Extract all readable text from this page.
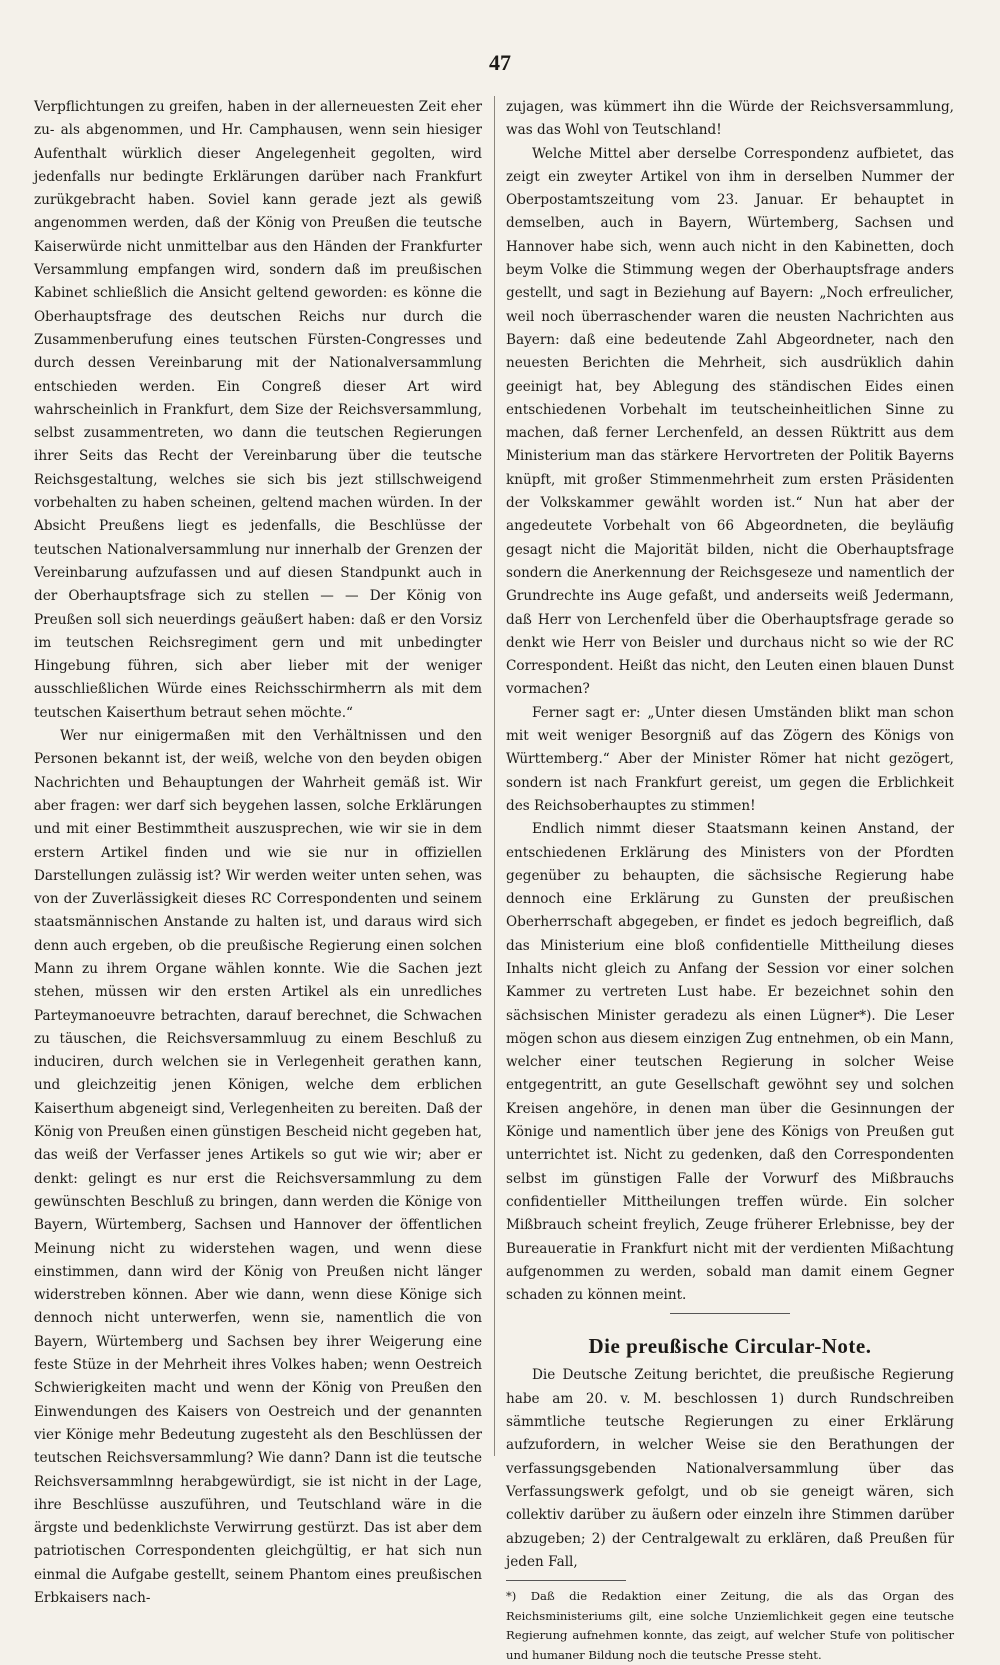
47

Verpflichtungen zu greifen, haben in der allerneuesten Zeit eher zu- als abgenommen, und Hr. Camphausen, wenn sein hiesiger Aufenthalt würklich dieser Angelegenheit gegolten, wird jedenfalls nur bedingte Erklärungen darüber nach Frankfurt zurükgebracht haben. Soviel kann gerade jezt als gewiß angenommen werden, daß der König von Preußen die teutsche Kaiserwürde nicht unmittelbar aus den Händen der Frankfurter Versammlung empfangen wird, sondern daß im preußischen Kabinet schließlich die Ansicht geltend geworden: es könne die Oberhauptsfrage des deutschen Reichs nur durch die Zusammenberufung eines teutschen Fürsten-Congresses und durch dessen Vereinbarung mit der Nationalversammlung entschieden werden. Ein Congreß dieser Art wird wahrscheinlich in Frankfurt, dem Size der Reichsversammlung, selbst zusammentreten, wo dann die teutschen Regierungen ihrer Seits das Recht der Vereinbarung über die teutsche Reichsgestaltung, welches sie sich bis jezt stillschweigend vorbehalten zu haben scheinen, geltend machen würden. In der Absicht Preußens liegt es jedenfalls, die Beschlüsse der teutschen Nationalversammlung nur innerhalb der Grenzen der Vereinbarung aufzufassen und auf diesen Standpunkt auch in der Oberhauptsfrage sich zu stellen — — Der König von Preußen soll sich neuerdings geäußert haben: daß er den Vorsiz im teutschen Reichsregiment gern und mit unbedingter Hingebung führen, sich aber lieber mit der weniger ausschließlichen Würde eines Reichsschirmherrn als mit dem teutschen Kaiserthum betraut sehen möchte.“

Wer nur einigermaßen mit den Verhältnissen und den Personen bekannt ist, der weiß, welche von den beyden obigen Nachrichten und Behauptungen der Wahrheit gemäß ist. Wir aber fragen: wer darf sich beygehen lassen, solche Erklärungen und mit einer Bestimmtheit auszusprechen, wie wir sie in dem erstern Artikel finden und wie sie nur in offiziellen Darstellungen zulässig ist? Wir werden weiter unten sehen, was von der Zuverlässigkeit dieses RC Correspondenten und seinem staatsmännischen Anstande zu halten ist, und daraus wird sich denn auch ergeben, ob die preußische Regierung einen solchen Mann zu ihrem Organe wählen konnte. Wie die Sachen jezt stehen, müssen wir den ersten Artikel als ein unredliches Parteymanoeuvre betrachten, darauf berechnet, die Schwachen zu täuschen, die Reichsversammluug zu einem Beschluß zu induciren, durch welchen sie in Verlegenheit gerathen kann, und gleichzeitig jenen Königen, welche dem erblichen Kaiserthum abgeneigt sind, Verlegenheiten zu bereiten. Daß der König von Preußen einen günstigen Bescheid nicht gegeben hat, das weiß der Verfasser jenes Artikels so gut wie wir; aber er denkt: gelingt es nur erst die Reichsversammlung zu dem gewünschten Beschluß zu bringen, dann werden die Könige von Bayern, Würtemberg, Sachsen und Hannover der öffentlichen Meinung nicht zu widerstehen wagen, und wenn diese einstimmen, dann wird der König von Preußen nicht länger widerstreben können. Aber wie dann, wenn diese Könige sich dennoch nicht unterwerfen, wenn sie, namentlich die von Bayern, Würtemberg und Sachsen bey ihrer Weigerung eine feste Stüze in der Mehrheit ihres Volkes haben; wenn Oestreich Schwierigkeiten macht und wenn der König von Preußen den Einwendungen des Kaisers von Oestreich und der genannten vier Könige mehr Bedeutung zugesteht als den Beschlüssen der teutschen Reichsversammlung? Wie dann? Dann ist die teutsche Reichsversammlnng herabgewürdigt, sie ist nicht in der Lage, ihre Beschlüsse auszuführen, und Teutschland wäre in die ärgste und bedenklichste Verwirrung gestürzt. Das ist aber dem patriotischen Correspondenten gleichgültig, er hat sich nun einmal die Aufgabe gestellt, seinem Phantom eines preußischen Erbkaisers nach-

zujagen, was kümmert ihn die Würde der Reichsversammlung, was das Wohl von Teutschland!

Welche Mittel aber derselbe Correspondenz aufbietet, das zeigt ein zweyter Artikel von ihm in derselben Nummer der Oberpostamtszeitung vom 23. Januar. Er behauptet in demselben, auch in Bayern, Würtemberg, Sachsen und Hannover habe sich, wenn auch nicht in den Kabinetten, doch beym Volke die Stimmung wegen der Oberhauptsfrage anders gestellt, und sagt in Beziehung auf Bayern: „Noch erfreulicher, weil noch überraschender waren die neusten Nachrichten aus Bayern: daß eine bedeutende Zahl Abgeordneter, nach den neuesten Berichten die Mehrheit, sich ausdrüklich dahin geeinigt hat, bey Ablegung des ständischen Eides einen entschiedenen Vorbehalt im teutscheinheitlichen Sinne zu machen, daß ferner Lerchenfeld, an dessen Rüktritt aus dem Ministerium man das stärkere Hervortreten der Politik Bayerns knüpft, mit großer Stimmenmehrheit zum ersten Präsidenten der Volkskammer gewählt worden ist.“ Nun hat aber der angedeutete Vorbehalt von 66 Abgeordneten, die beyläufig gesagt nicht die Majorität bilden, nicht die Oberhauptsfrage sondern die Anerkennung der Reichsgeseze und namentlich der Grundrechte ins Auge gefaßt, und anderseits weiß Jedermann, daß Herr von Lerchenfeld über die Oberhauptsfrage gerade so denkt wie Herr von Beisler und durchaus nicht so wie der RC Correspondent. Heißt das nicht, den Leuten einen blauen Dunst vormachen?

Ferner sagt er: „Unter diesen Umständen blikt man schon mit weit weniger Besorgniß auf das Zögern des Königs von Württemberg.“ Aber der Minister Römer hat nicht gezögert, sondern ist nach Frankfurt gereist, um gegen die Erblichkeit des Reichsoberhauptes zu stimmen!

Endlich nimmt dieser Staatsmann keinen Anstand, der entschiedenen Erklärung des Ministers von der Pfordten gegenüber zu behaupten, die sächsische Regierung habe dennoch eine Erklärung zu Gunsten der preußischen Oberherrschaft abgegeben, er findet es jedoch begreiflich, daß das Ministerium eine bloß confidentielle Mittheilung dieses Inhalts nicht gleich zu Anfang der Session vor einer solchen Kammer zu vertreten Lust habe. Er bezeichnet sohin den sächsischen Minister geradezu als einen Lügner*). Die Leser mögen schon aus diesem einzigen Zug entnehmen, ob ein Mann, welcher einer teutschen Regierung in solcher Weise entgegentritt, an gute Gesellschaft gewöhnt sey und solchen Kreisen angehöre, in denen man über die Gesinnungen der Könige und namentlich über jene des Königs von Preußen gut unterrichtet ist. Nicht zu gedenken, daß den Correspondenten selbst im günstigen Falle der Vorwurf des Mißbrauchs confidentieller Mittheilungen treffen würde. Ein solcher Mißbrauch scheint freylich, Zeuge früherer Erlebnisse, bey der Bureaueratie in Frankfurt nicht mit der verdienten Mißachtung aufgenommen zu werden, sobald man damit einem Gegner schaden zu können meint.

Die preußische Circular-Note.

Die Deutsche Zeitung berichtet, die preußische Regierung habe am 20. v. M. beschlossen 1) durch Rundschreiben sämmtliche teutsche Regierungen zu einer Erklärung aufzufordern, in welcher Weise sie den Berathungen der verfassungsgebenden Nationalversammlung über das Verfassungswerk gefolgt, und ob sie geneigt wären, sich collektiv darüber zu äußern oder einzeln ihre Stimmen darüber abzugeben; 2) der Centralgewalt zu erklären, daß Preußen für jeden Fall,

*) Daß die Redaktion einer Zeitung, die als das Organ des Reichsministeriums gilt, eine solche Unziemlichkeit gegen eine teutsche Regierung aufnehmen konnte, das zeigt, auf welcher Stufe von politischer und humaner Bildung noch die teutsche Presse steht.
